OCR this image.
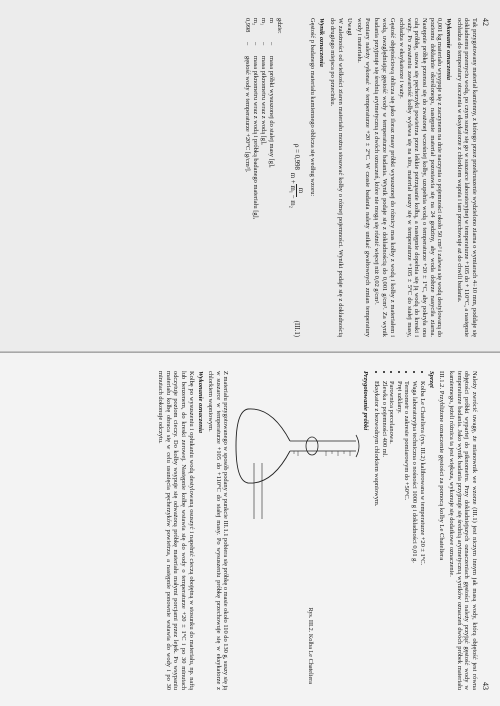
42

Tak przygotowany materiał kamienny, z którego przez przekruszenie wydzielono ziarna o wymiarach 4÷10 mm, poddaje się dokładnemu przemyciu wodą, po czym suszy się go w suszarce laboratoryjnej w temperaturze +105 do + 110°C, a następnie ochładza do temperatury otoczenia w eksykatorze z chlorkiem wapnia i tam przechowuje aż do chwili badania.

Wykonanie oznaczenia

0,001 kg materiału wysypuje się z zaczynem na dnie naczynia o pojemności około 50 cm³ i zalewa się wodą destylowaną do poziomu dokładnie określonego, następnie materiał pozostawia się na 24 godziny, aby woda dobrze nasyciła ziarna. Następnie próbkę przenosi się do zważonej wcześniej kolby, uzupełnia wodą o temperaturze +20 ± 1°C, aby pokryła ona całą próbkę, usuwa się pęcherzyki powietrza przez lekkie potrząsanie kolbą, a następnie dopełnia się ją wodą do kreski i waży. Po zważeniu zawartość kolby wylewa się na sito, materiał suszy się w temperaturze +105 ± 5°C do stałej masy, ochładza w eksykatorze i waży.

Gęstość objętościową oblicza się jako iloraz masy próbki wysuszonej do różnicy mas kolby z wodą i kolby z materiałem i wodą, uwzględniając gęstość wody w temperaturze badania. Wynik podaje się z dokładnością do 0,001 g/cm³. Za wynik badania przyjmuje się średnią arytmetyczną z dwóch oznaczeń, które nie mogą się różnić więcej niż 0,02 g/cm³.

Pomiary należy wykonać w temperaturze +20 ± 2°C. W czasie badania należy unikać gwałtownych zmian temperatury wody i materiału.

Uwagi

W zależności od wielkości ziaren materiału można stosować kolby o różnej pojemności. Wyniki podaje się z dokładnością do drugiego miejsca po przecinku.

Wynik oznaczenia

Gęstość p badanego materiału kamiennego oblicza się według wzoru:

ρ = 0,998
m
m + m₁ − m₂
(III.1)
gdzie:
m
–
masa próbki wysuszonej do stałej masy [g],
m₁
–
masa piknometru wraz z wodą [g],
m₂
–
masa piknometru wraz z wodą i próbką badanego materiału [g],
0,998
–
gęstość wody w temperaturze +20°C [g/cm³].
43

Należy zwrócić uwagę, że mianownik we wzorze (III.1) jest niczym innym jak masą wody, którą objętość jest równa objętości próbki wypartej do piknometru. Przy dokładniejszych oznaczeniach gęstości należy przyjąć gęstość wody w temperaturze badania. Jako wynik badania przyjmuje się średnią arytmetyczną wyników oznaczeń dwóch próbek materiału kamiennego, jeżeli różnica ta jest większa, wykonuje się dodatkowe oznaczenie.

III.1.2. Przybliżone oznaczenie gęstości za pomocą kolby Le Chateliera
Sprzęt
• Kolba Le Chateliera (rys. III.2) kalibrowana w temperaturze +20 ± 1°C.
• Waga laboratoryjna techniczna o nośności 1000 g i dokładności 0,01 g.
• Termometr o zakresie pomiarowym do +50°C.
• Pręt szklany.
• Parownica porcelanowa.
• Zlewka o pojemności 400 ml.
• Eksykator z bezwodnym chlorkiem wapniowym.
Przygotowanie próbki
Rys. III.2. Kolba Le Chateliera

Z materiału przygotowanego w sposób podany w punkcie III.1.1 pobiera się próbkę o masie około 110 do 130 g, suszy się ją w suszarce w temperaturze +105 do +110°C do stałej masy. Po wysuszeniu próbkę przechowuje się w eksykatorze z chlorkiem wapniowym.

Wykonanie oznaczenia

Kolbę po wysuszeniu i opłukaniu wodą destylowaną osuszyć i napełnić cieczą obojętną w stosunku do materiału, np. naftą lub benzenem, do kreski zerowej. Następnie kolbę wstawia się do wody o temperaturze +20 ± 1°C i po 30 minutach odczytuje poziom cieczy. Do kolby wsypuje się odważoną próbkę materiału małymi porcjami przez lejek. Po wsypaniu materiału kolbę obraca się w celu usunięcia pęcherzyków powietrza, a następnie ponownie wstawia do wody i po 30 minutach dokonuje odczytu.
